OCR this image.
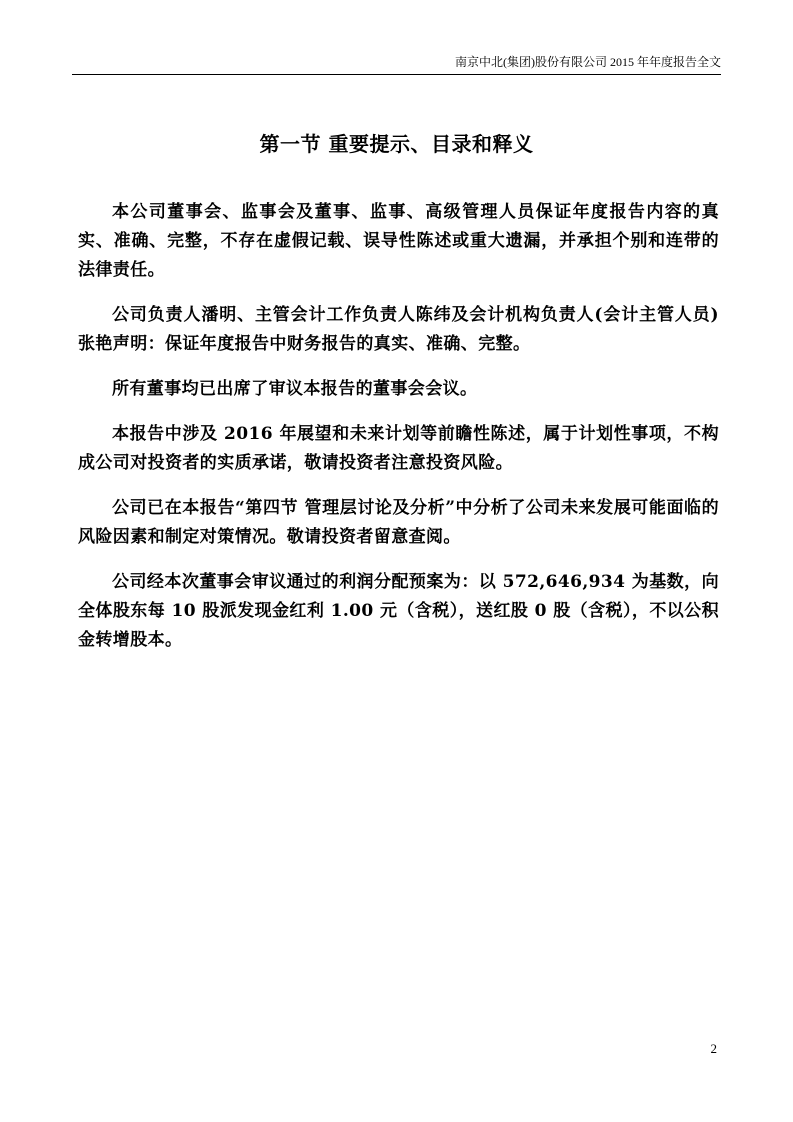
南京中北(集团)股份有限公司 2015 年年度报告全文
第一节 重要提示、目录和释义

本公司董事会、监事会及董事、监事、高级管理人员保证年度报告内容的真实、准确、完整，不存在虚假记载、误导性陈述或重大遗漏，并承担个别和连带的法律责任。

公司负责人潘明、主管会计工作负责人陈纬及会计机构负责人(会计主管人员)张艳声明：保证年度报告中财务报告的真实、准确、完整。

所有董事均已出席了审议本报告的董事会会议。

本报告中涉及 2016 年展望和未来计划等前瞻性陈述，属于计划性事项，不构成公司对投资者的实质承诺，敬请投资者注意投资风险。

公司已在本报告“第四节 管理层讨论及分析”中分析了公司未来发展可能面临的风险因素和制定对策情况。敬请投资者留意查阅。

公司经本次董事会审议通过的利润分配预案为：以 572,646,934 为基数，向全体股东每 10 股派发现金红利 1.00 元（含税），送红股 0 股（含税），不以公积金转增股本。

2
